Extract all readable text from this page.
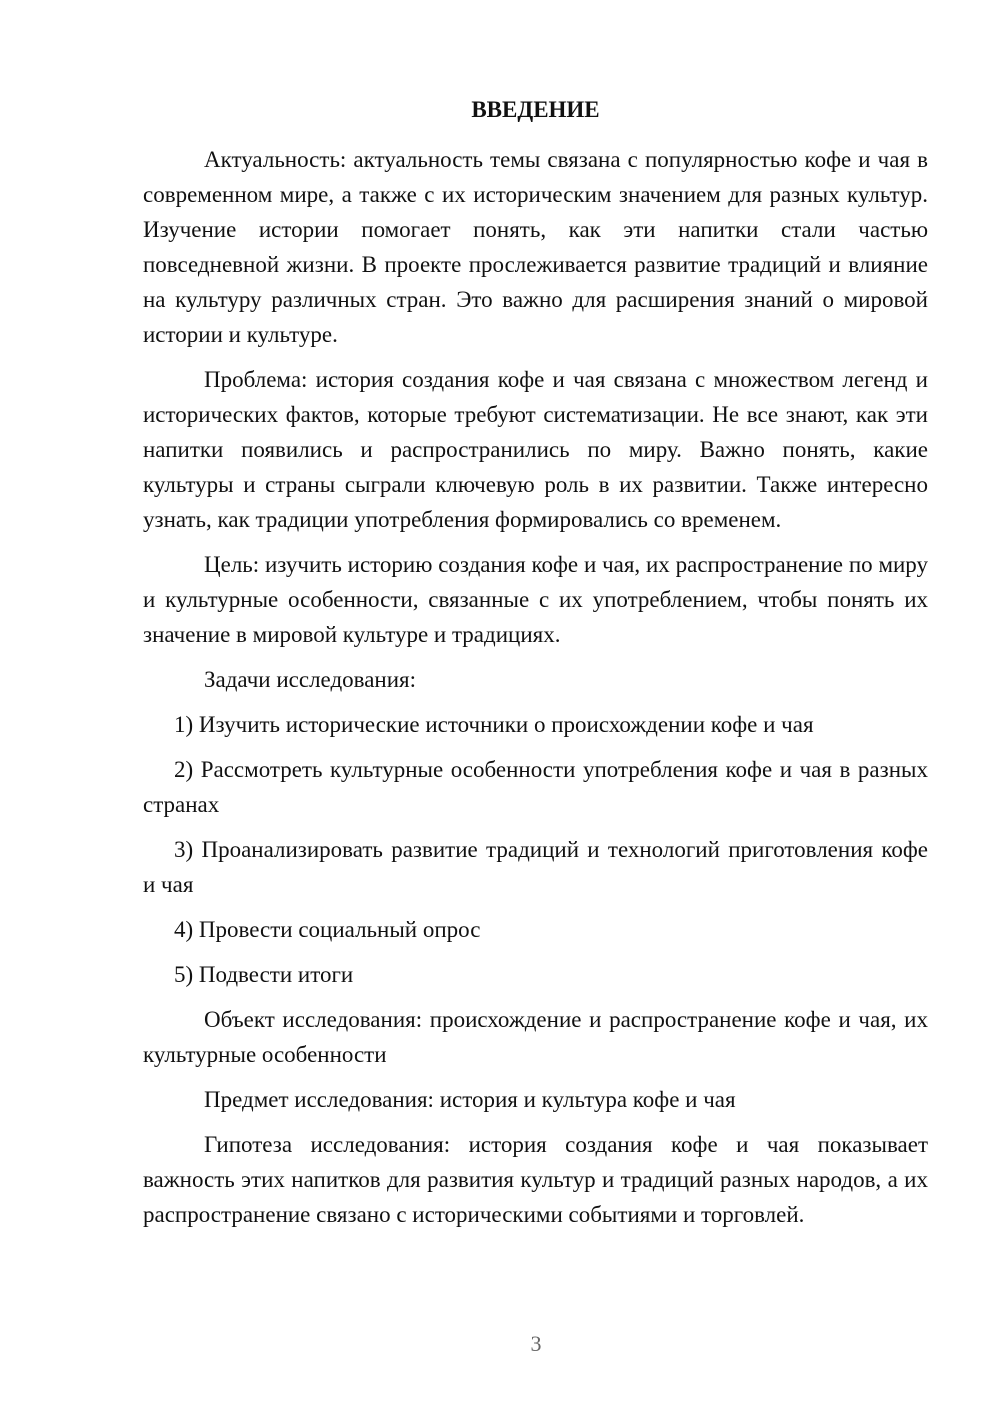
ВВЕДЕНИЕ

Актуальность: актуальность темы связана с популярностью кофе и чая в современном мире, а также с их историческим значением для разных культур. Изучение истории помогает понять, как эти напитки стали частью повседневной жизни. В проекте прослеживается развитие традиций и влияние на культуру различных стран. Это важно для расширения знаний о мировой истории и культуре.

Проблема: история создания кофе и чая связана с множеством легенд и исторических фактов, которые требуют систематизации. Не все знают, как эти напитки появились и распространились по миру. Важно понять, какие культуры и страны сыграли ключевую роль в их развитии. Также интересно узнать, как традиции употребления формировались со временем.

Цель: изучить историю создания кофе и чая, их распространение по миру и культурные особенности, связанные с их употреблением, чтобы понять их значение в мировой культуре и традициях.

Задачи исследования:

1) Изучить исторические источники о происхождении кофе и чая

2) Рассмотреть культурные особенности употребления кофе и чая в разных странах

3) Проанализировать развитие традиций и технологий приготовления кофе и чая

4) Провести социальный опрос

5) Подвести итоги

Объект исследования: происхождение и распространение кофе и чая, их культурные особенности

Предмет исследования: история и культура кофе и чая

Гипотеза исследования: история создания кофе и чая показывает важность этих напитков для развития культур и традиций разных народов, а их распространение связано с историческими событиями и торговлей.

3
